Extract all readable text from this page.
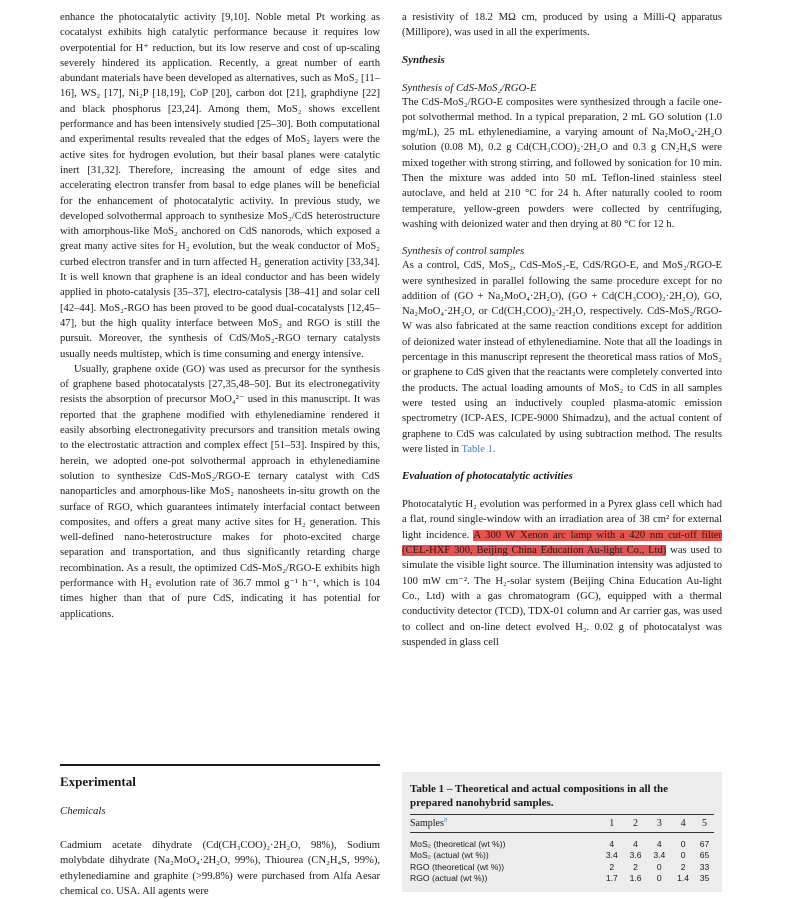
enhance the photocatalytic activity [9,10]. Noble metal Pt working as cocatalyst exhibits high catalytic performance because it requires low overpotential for H⁺ reduction, but its low reserve and cost of up-scaling severely hindered its application. Recently, a great number of earth abundant materials have been developed as alternatives, such as MoS₂ [11–16], WS₂ [17], Ni₂P [18,19], CoP [20], carbon dot [21], graphdiyne [22] and black phosphorus [23,24]. Among them, MoS₂ shows excellent performance and has been intensively studied [25–30]. Both computational and experimental results revealed that the edges of MoS₂ layers were the active sites for hydrogen evolution, but their basal planes were catalytic inert [31,32]. Therefore, increasing the amount of edge sites and accelerating electron transfer from basal to edge planes will be beneficial for the enhancement of photocatalytic activity. In previous study, we developed solvothermal approach to synthesize MoS₂/CdS heterostructure with amorphous-like MoS₂ anchored on CdS nanorods, which exposed a great many active sites for H₂ evolution, but the weak conductor of MoS₂ curbed electron transfer and in turn affected H₂ generation activity [33,34]. It is well known that graphene is an ideal conductor and has been widely applied in photo-catalysis [35–37], electro-catalysis [38–41] and solar cell [42–44]. MoS₂-RGO has been proved to be good dual-cocatalysts [12,45–47], but the high quality interface between MoS₂ and RGO is still the pursuit. Moreover, the synthesis of CdS/MoS₂-RGO ternary catalysts usually needs multistep, which is time consuming and energy intensive.

Usually, graphene oxide (GO) was used as precursor for the synthesis of graphene based photocatalysts [27,35,48–50]. But its electronegativity resists the absorption of precursor MoO₄²⁻ used in this manuscript. It was reported that the graphene modified with ethylenediamine rendered it easily absorbing electronegativity precursors and transition metals owing to the electrostatic attraction and complex effect [51–53]. Inspired by this, herein, we adopted one-pot solvothermal approach in ethylenediamine solution to synthesize CdS-MoS₂/RGO-E ternary catalyst with CdS nanoparticles and amorphous-like MoS₂ nanosheets in-situ growth on the surface of RGO, which guarantees intimately interfacial contact between composites, and offers a great many active sites for H₂ generation. This well-defined nano-heterostructure makes for photo-excited charge separation and transportation, and thus significantly retarding charge recombination. As a result, the optimized CdS-MoS₂/RGO-E exhibits high performance with H₂ evolution rate of 36.7 mmol g⁻¹ h⁻¹, which is 104 times higher than that of pure CdS, indicating it has potential for applications.

Experimental
Chemicals

Cadmium acetate dihydrate (Cd(CH₃COO)₂·2H₂O, 98%), Sodium molybdate dihydrate (Na₂MoO₄·2H₂O, 99%), Thiourea (CN₂H₄S, 99%), ethylenediamine and graphite (>99.8%) were purchased from Alfa Aesar chemical co. USA. All agents were

a resistivity of 18.2 MΩ cm, produced by using a Milli-Q apparatus (Millipore), was used in all the experiments.

Synthesis
Synthesis of CdS-MoS₂/RGO-E

The CdS-MoS₂/RGO-E composites were synthesized through a facile one-pot solvothermal method. In a typical preparation, 2 mL GO solution (1.0 mg/mL), 25 mL ethylenediamine, a varying amount of Na₂MoO₄·2H₂O solution (0.08 M), 0.2 g Cd(CH₃COO)₂·2H₂O and 0.3 g CN₂H₄S were mixed together with strong stirring, and followed by sonication for 10 min. Then the mixture was added into 50 mL Teflon-lined stainless steel autoclave, and held at 210 °C for 24 h. After naturally cooled to room temperature, yellow-green powders were collected by centrifuging, washing with deionized water and then drying at 80 °C for 12 h.

Synthesis of control samples

As a control, CdS, MoS₂, CdS-MoS₂-E, CdS/RGO-E, and MoS₂/RGO-E were synthesized in parallel following the same procedure except for no addition of (GO + Na₂MoO₄·2H₂O), (GO + Cd(CH₃COO)₂·2H₂O), GO, Na₂MoO₄·2H₂O, or Cd(CH₃COO)₂·2H₂O, respectively. CdS-MoS₂/RGO-W was also fabricated at the same reaction conditions except for addition of deionized water instead of ethylenediamine. Note that all the loadings in percentage in this manuscript represent the theoretical mass ratios of MoS₂ or graphene to CdS given that the reactants were completely converted into the products. The actual loading amounts of MoS₂ to CdS in all samples were tested using an inductively coupled plasma-atomic emission spectrometry (ICP-AES, ICPE-9000 Shimadzu), and the actual content of graphene to CdS was calculated by using subtraction method. The results were listed in Table 1.

Evaluation of photocatalytic activities

Photocatalytic H₂ evolution was performed in a Pyrex glass cell which had a flat, round single-window with an irradiation area of 38 cm² for external light incidence. A 300 W Xenon arc lamp with a 420 nm cut-off filter (CEL-HXF 300, Beijing China Education Au-light Co., Ltd) was used to simulate the visible light source. The illumination intensity was adjusted to 100 mW cm⁻². The H₂-solar system (Beijing China Education Au-light Co., Ltd) with a gas chromatogram (GC), equipped with a thermal conductivity detector (TCD), TDX-01 column and Ar carrier gas, was used to collect and on-line detect evolved H₂. 0.02 g of photocatalyst was suspended in glass cell

Table 1 – Theoretical and actual compositions in all the prepared nanohybrid samples.
Samples$^a$	1	2	3	4	5

MoS₂ (theoretical (wt %))	4	4	4	0	67
MoS₂ (actual (wt %))	3.4	3.6	3.4	0	65
RGO (theoretical (wt %))	2	2	0	2	33
RGO (actual (wt %))	1.7	1.6	0	1.4	35
